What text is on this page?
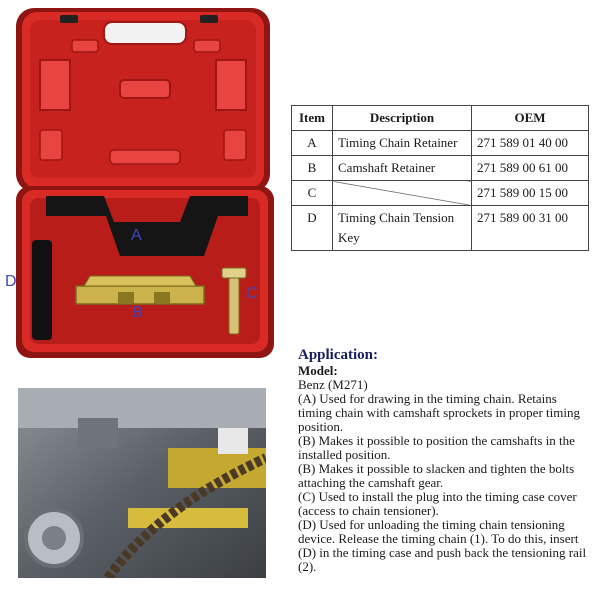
A
B
C
D
Item	Description	OEM
A	Timing Chain Retainer	271 589 01 40 00
B	Camshaft Retainer	271 589 00 61 00
C		271 589 00 15 00
D	Timing Chain Tension Key	271 589 00 31 00
Application:

Model:

Benz (M271)

(A) Used for drawing in the timing chain. Retains timing chain with camshaft sprockets in proper timing position.

(B) Makes it possible to position the camshafts in the installed position.

(B) Makes it possible to slacken and tighten the bolts attaching the camshaft gear.

(C) Used to install the plug into the timing case cover (access to chain tensioner).

(D) Used for unloading the timing chain tensioning device. Release the timing chain (1). To do this, insert (D) in the timing case and push back the tensioning rail (2).
